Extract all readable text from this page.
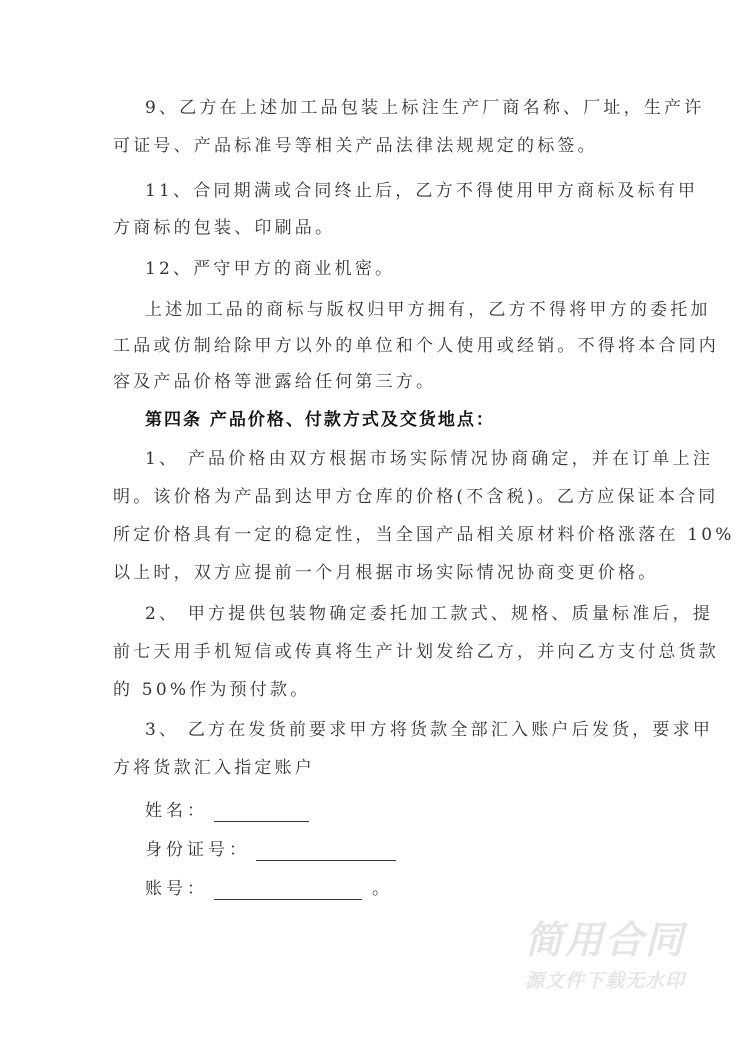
9、乙方在上述加工品包装上标注生产厂商名称、厂址，生产许
可证号、产品标准号等相关产品法律法规规定的标签。
11、合同期满或合同终止后，乙方不得使用甲方商标及标有甲
方商标的包装、印刷品。
12、严守甲方的商业机密。
上述加工品的商标与版权归甲方拥有，乙方不得将甲方的委托加
工品或仿制给除甲方以外的单位和个人使用或经销。不得将本合同内
容及产品价格等泄露给任何第三方。
第四条 产品价格、付款方式及交货地点：
1、 产品价格由双方根据市场实际情况协商确定，并在订单上注
明。该价格为产品到达甲方仓库的价格(不含税)。乙方应保证本合同
所定价格具有一定的稳定性，当全国产品相关原材料价格涨落在 10%
以上时，双方应提前一个月根据市场实际情况协商变更价格。
2、 甲方提供包装物确定委托加工款式、规格、质量标准后，提
前七天用手机短信或传真将生产计划发给乙方，并向乙方支付总货款
的 50%作为预付款。
3、 乙方在发货前要求甲方将货款全部汇入账户后发货，要求甲
方将货款汇入指定账户
姓名：
身份证号：
账号：	。
简用合同
源文件下载无水印
